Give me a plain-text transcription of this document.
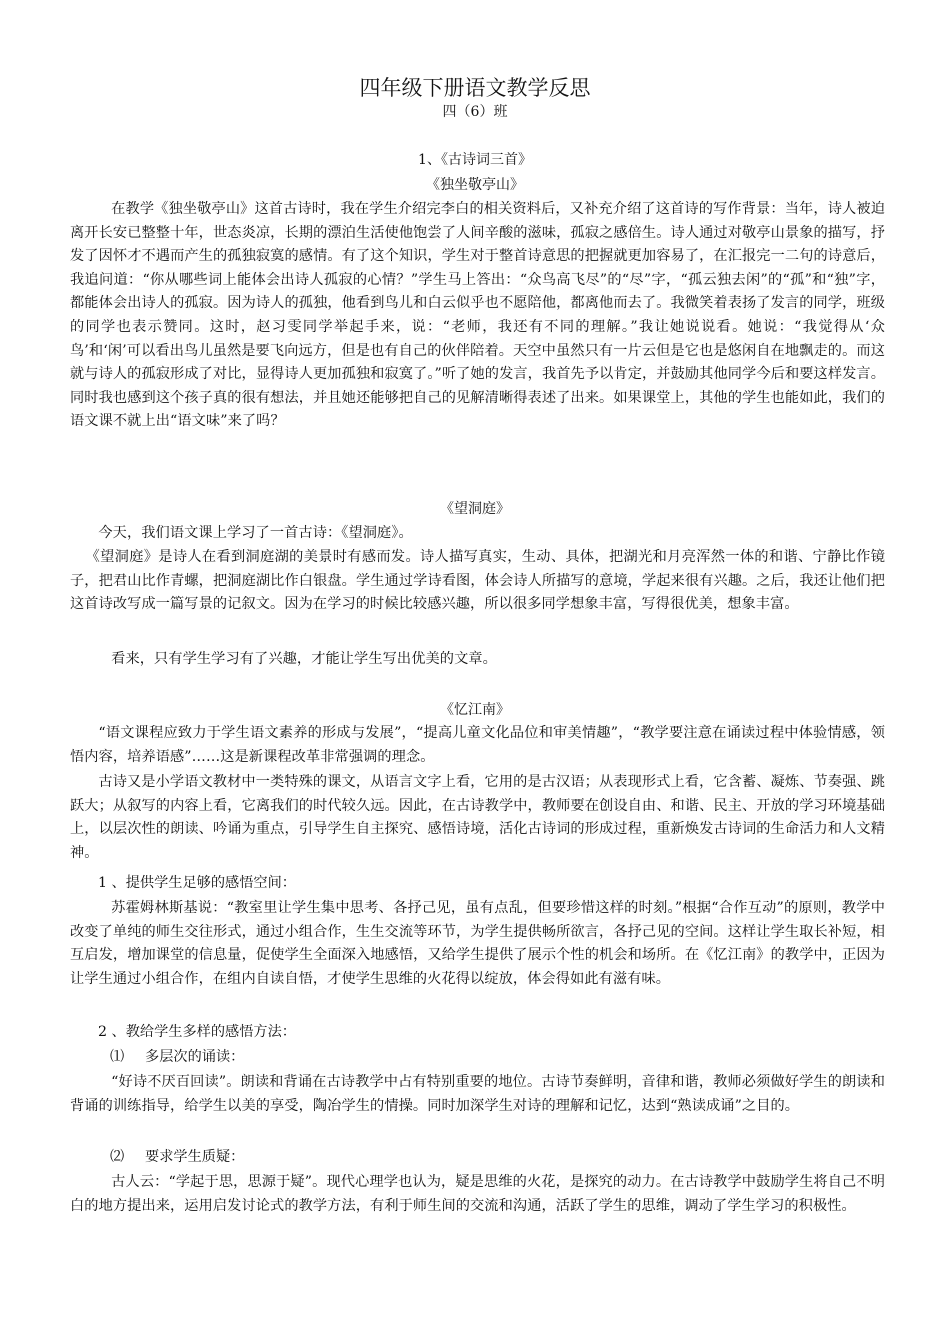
四年级下册语文教学反思
四（6）班
1、《古诗词三首》
《独坐敬亭山》
在教学《独坐敬亭山》这首古诗时，我在学生介绍完李白的相关资料后，又补充介绍了这首诗的写作背景：当年，诗人被迫离开长安已整整十年，世态炎凉，长期的漂泊生活使他饱尝了人间辛酸的滋味，孤寂之感倍生。诗人通过对敬亭山景象的描写，抒发了因怀才不遇而产生的孤独寂寞的感情。有了这个知识，学生对于整首诗意思的把握就更加容易了，在汇报完一二句的诗意后，我追问道：“你从哪些词上能体会出诗人孤寂的心情？”学生马上答出：“众鸟高飞尽”的“尽”字，“孤云独去闲”的“孤”和“独”字，都能体会出诗人的孤寂。因为诗人的孤独，他看到鸟儿和白云似乎也不愿陪他，都离他而去了。我微笑着表扬了发言的同学，班级的同学也表示赞同。这时，赵习雯同学举起手来，说：“老师，我还有不同的理解。”我让她说说看。她说：“我觉得从‘众鸟’和‘闲’可以看出鸟儿虽然是要飞向远方，但是也有自己的伙伴陪着。天空中虽然只有一片云但是它也是悠闲自在地飘走的。而这就与诗人的孤寂形成了对比，显得诗人更加孤独和寂寞了。”听了她的发言，我首先予以肯定，并鼓励其他同学今后和要这样发言。同时我也感到这个孩子真的很有想法，并且她还能够把自己的见解清晰得表述了出来。如果课堂上，其他的学生也能如此，我们的语文课不就上出“语文味”来了吗？
《望洞庭》
今天，我们语文课上学习了一首古诗：《望洞庭》。
《望洞庭》是诗人在看到洞庭湖的美景时有感而发。诗人描写真实，生动、具体，把湖光和月亮浑然一体的和谐、宁静比作镜子，把君山比作青螺，把洞庭湖比作白银盘。学生通过学诗看图，体会诗人所描写的意境，学起来很有兴趣。之后，我还让他们把这首诗改写成一篇写景的记叙文。因为在学习的时候比较感兴趣，所以很多同学想象丰富，写得很优美，想象丰富。
看来，只有学生学习有了兴趣，才能让学生写出优美的文章。
《忆江南》
“语文课程应致力于学生语文素养的形成与发展”，“提高儿童文化品位和审美情趣”，“教学要注意在诵读过程中体验情感，领悟内容，培养语感”……这是新课程改革非常强调的理念。
古诗又是小学语文教材中一类特殊的课文，从语言文字上看，它用的是古汉语；从表现形式上看，它含蓄、凝炼、节奏强、跳跃大；从叙写的内容上看，它离我们的时代较久远。因此，在古诗教学中，教师要在创设自由、和谐、民主、开放的学习环境基础上，以层次性的朗读、吟诵为重点，引导学生自主探究、感悟诗境，活化古诗词的形成过程，重新焕发古诗词的生命活力和人文精神。
1 、提供学生足够的感悟空间：
苏霍姆林斯基说：“教室里让学生集中思考、各抒己见，虽有点乱，但要珍惜这样的时刻。”根据“合作互动”的原则，教学中改变了单纯的师生交往形式，通过小组合作，生生交流等环节，为学生提供畅所欲言，各抒己见的空间。这样让学生取长补短，相互启发，增加课堂的信息量，促使学生全面深入地感悟，又给学生提供了展示个性的机会和场所。在《忆江南》的教学中，正因为让学生通过小组合作，在组内自读自悟，才使学生思维的火花得以绽放，体会得如此有滋有味。
2 、教给学生多样的感悟方法：
⑴ 多层次的诵读：
“好诗不厌百回读”。朗读和背诵在古诗教学中占有特别重要的地位。古诗节奏鲜明，音律和谐，教师必须做好学生的朗读和背诵的训练指导，给学生以美的享受，陶冶学生的情操。同时加深学生对诗的理解和记忆，达到“熟读成诵”之目的。
⑵ 要求学生质疑：
古人云：“学起于思，思源于疑”。现代心理学也认为，疑是思维的火花，是探究的动力。在古诗教学中鼓励学生将自己不明白的地方提出来，运用启发讨论式的教学方法，有利于师生间的交流和沟通，活跃了学生的思维，调动了学生学习的积极性。
